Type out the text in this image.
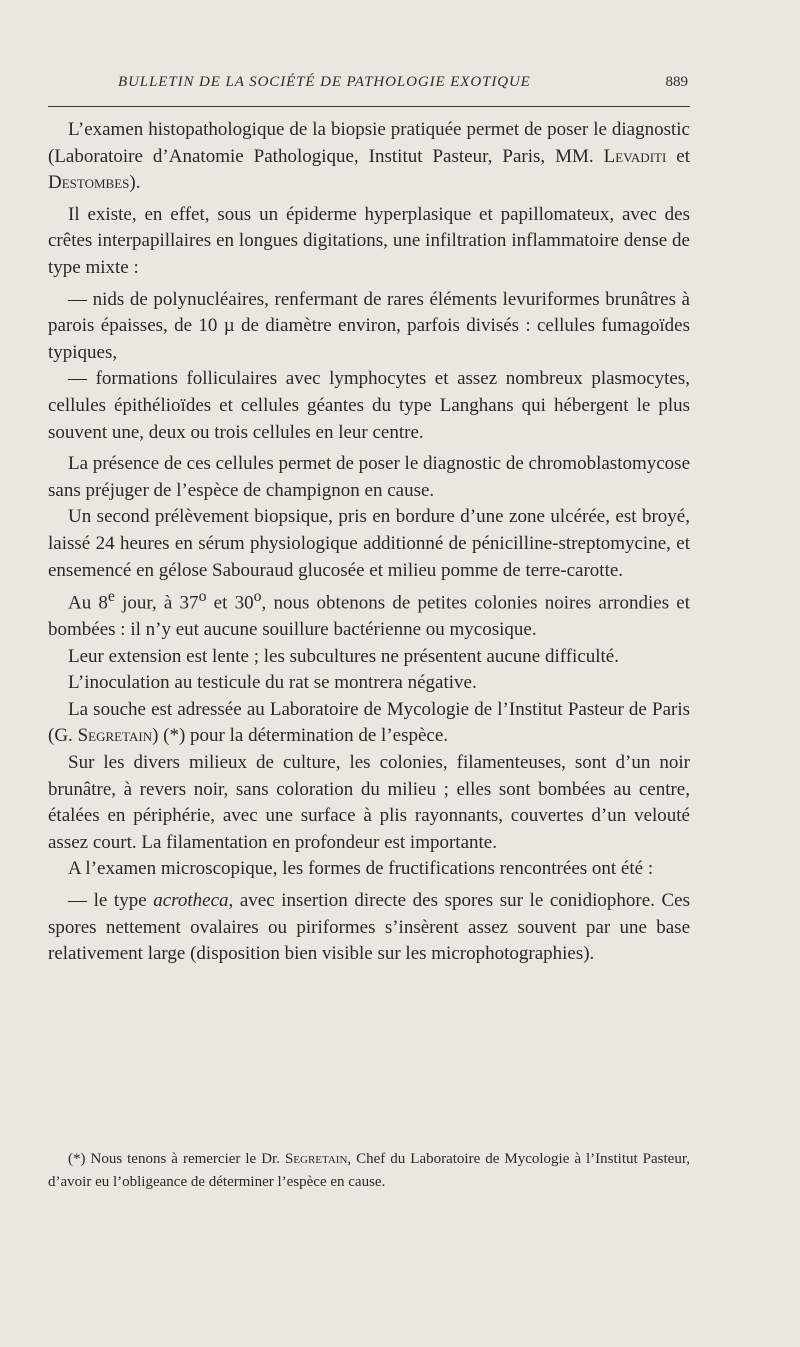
BULLETIN DE LA SOCIÉTÉ DE PATHOLOGIE EXOTIQUE	889

L’examen histopathologique de la biopsie pratiquée permet de poser le diagnostic (Laboratoire d’Anatomie Pathologique, Institut Pasteur, Paris, MM. Levaditi et Destombes).

Il existe, en effet, sous un épiderme hyperplasique et papillomateux, avec des crêtes interpapillaires en longues digitations, une infiltration inflammatoire dense de type mixte :

— nids de polynucléaires, renfermant de rares éléments levuriformes brunâtres à parois épaisses, de 10 µ de diamètre environ, parfois divisés : cellules fumagoïdes typiques,

— formations folliculaires avec lymphocytes et assez nombreux plasmocytes, cellules épithélioïdes et cellules géantes du type Langhans qui hébergent le plus souvent une, deux ou trois cellules en leur centre.

La présence de ces cellules permet de poser le diagnostic de chromoblastomycose sans préjuger de l’espèce de champignon en cause.

Un second prélèvement biopsique, pris en bordure d’une zone ulcérée, est broyé, laissé 24 heures en sérum physiologique additionné de pénicilline-streptomycine, et ensemencé en gélose Sabouraud glucosée et milieu pomme de terre-carotte.

Au 8e jour, à 37$^o$ et 30$^o$, nous obtenons de petites colonies noires arrondies et bombées : il n’y eut aucune souillure bactérienne ou mycosique.

Leur extension est lente ; les subcultures ne présentent aucune difficulté.

L’inoculation au testicule du rat se montrera négative.

La souche est adressée au Laboratoire de Mycologie de l’Institut Pasteur de Paris (G. Segretain) (*) pour la détermination de l’espèce.

Sur les divers milieux de culture, les colonies, filamenteuses, sont d’un noir brunâtre, à revers noir, sans coloration du milieu ; elles sont bombées au centre, étalées en périphérie, avec une surface à plis rayonnants, couvertes d’un velouté assez court. La filamentation en profondeur est importante.

A l’examen microscopique, les formes de fructifications rencontrées ont été :

— le type acrotheca, avec insertion directe des spores sur le conidiophore. Ces spores nettement ovalaires ou piriformes s’insèrent assez souvent par une base relativement large (disposition bien visible sur les microphotographies).

(*) Nous tenons à remercier le Dr. Segretain, Chef du Laboratoire de Mycologie à l’Institut Pasteur, d’avoir eu l’obligeance de déterminer l’espèce en cause.
